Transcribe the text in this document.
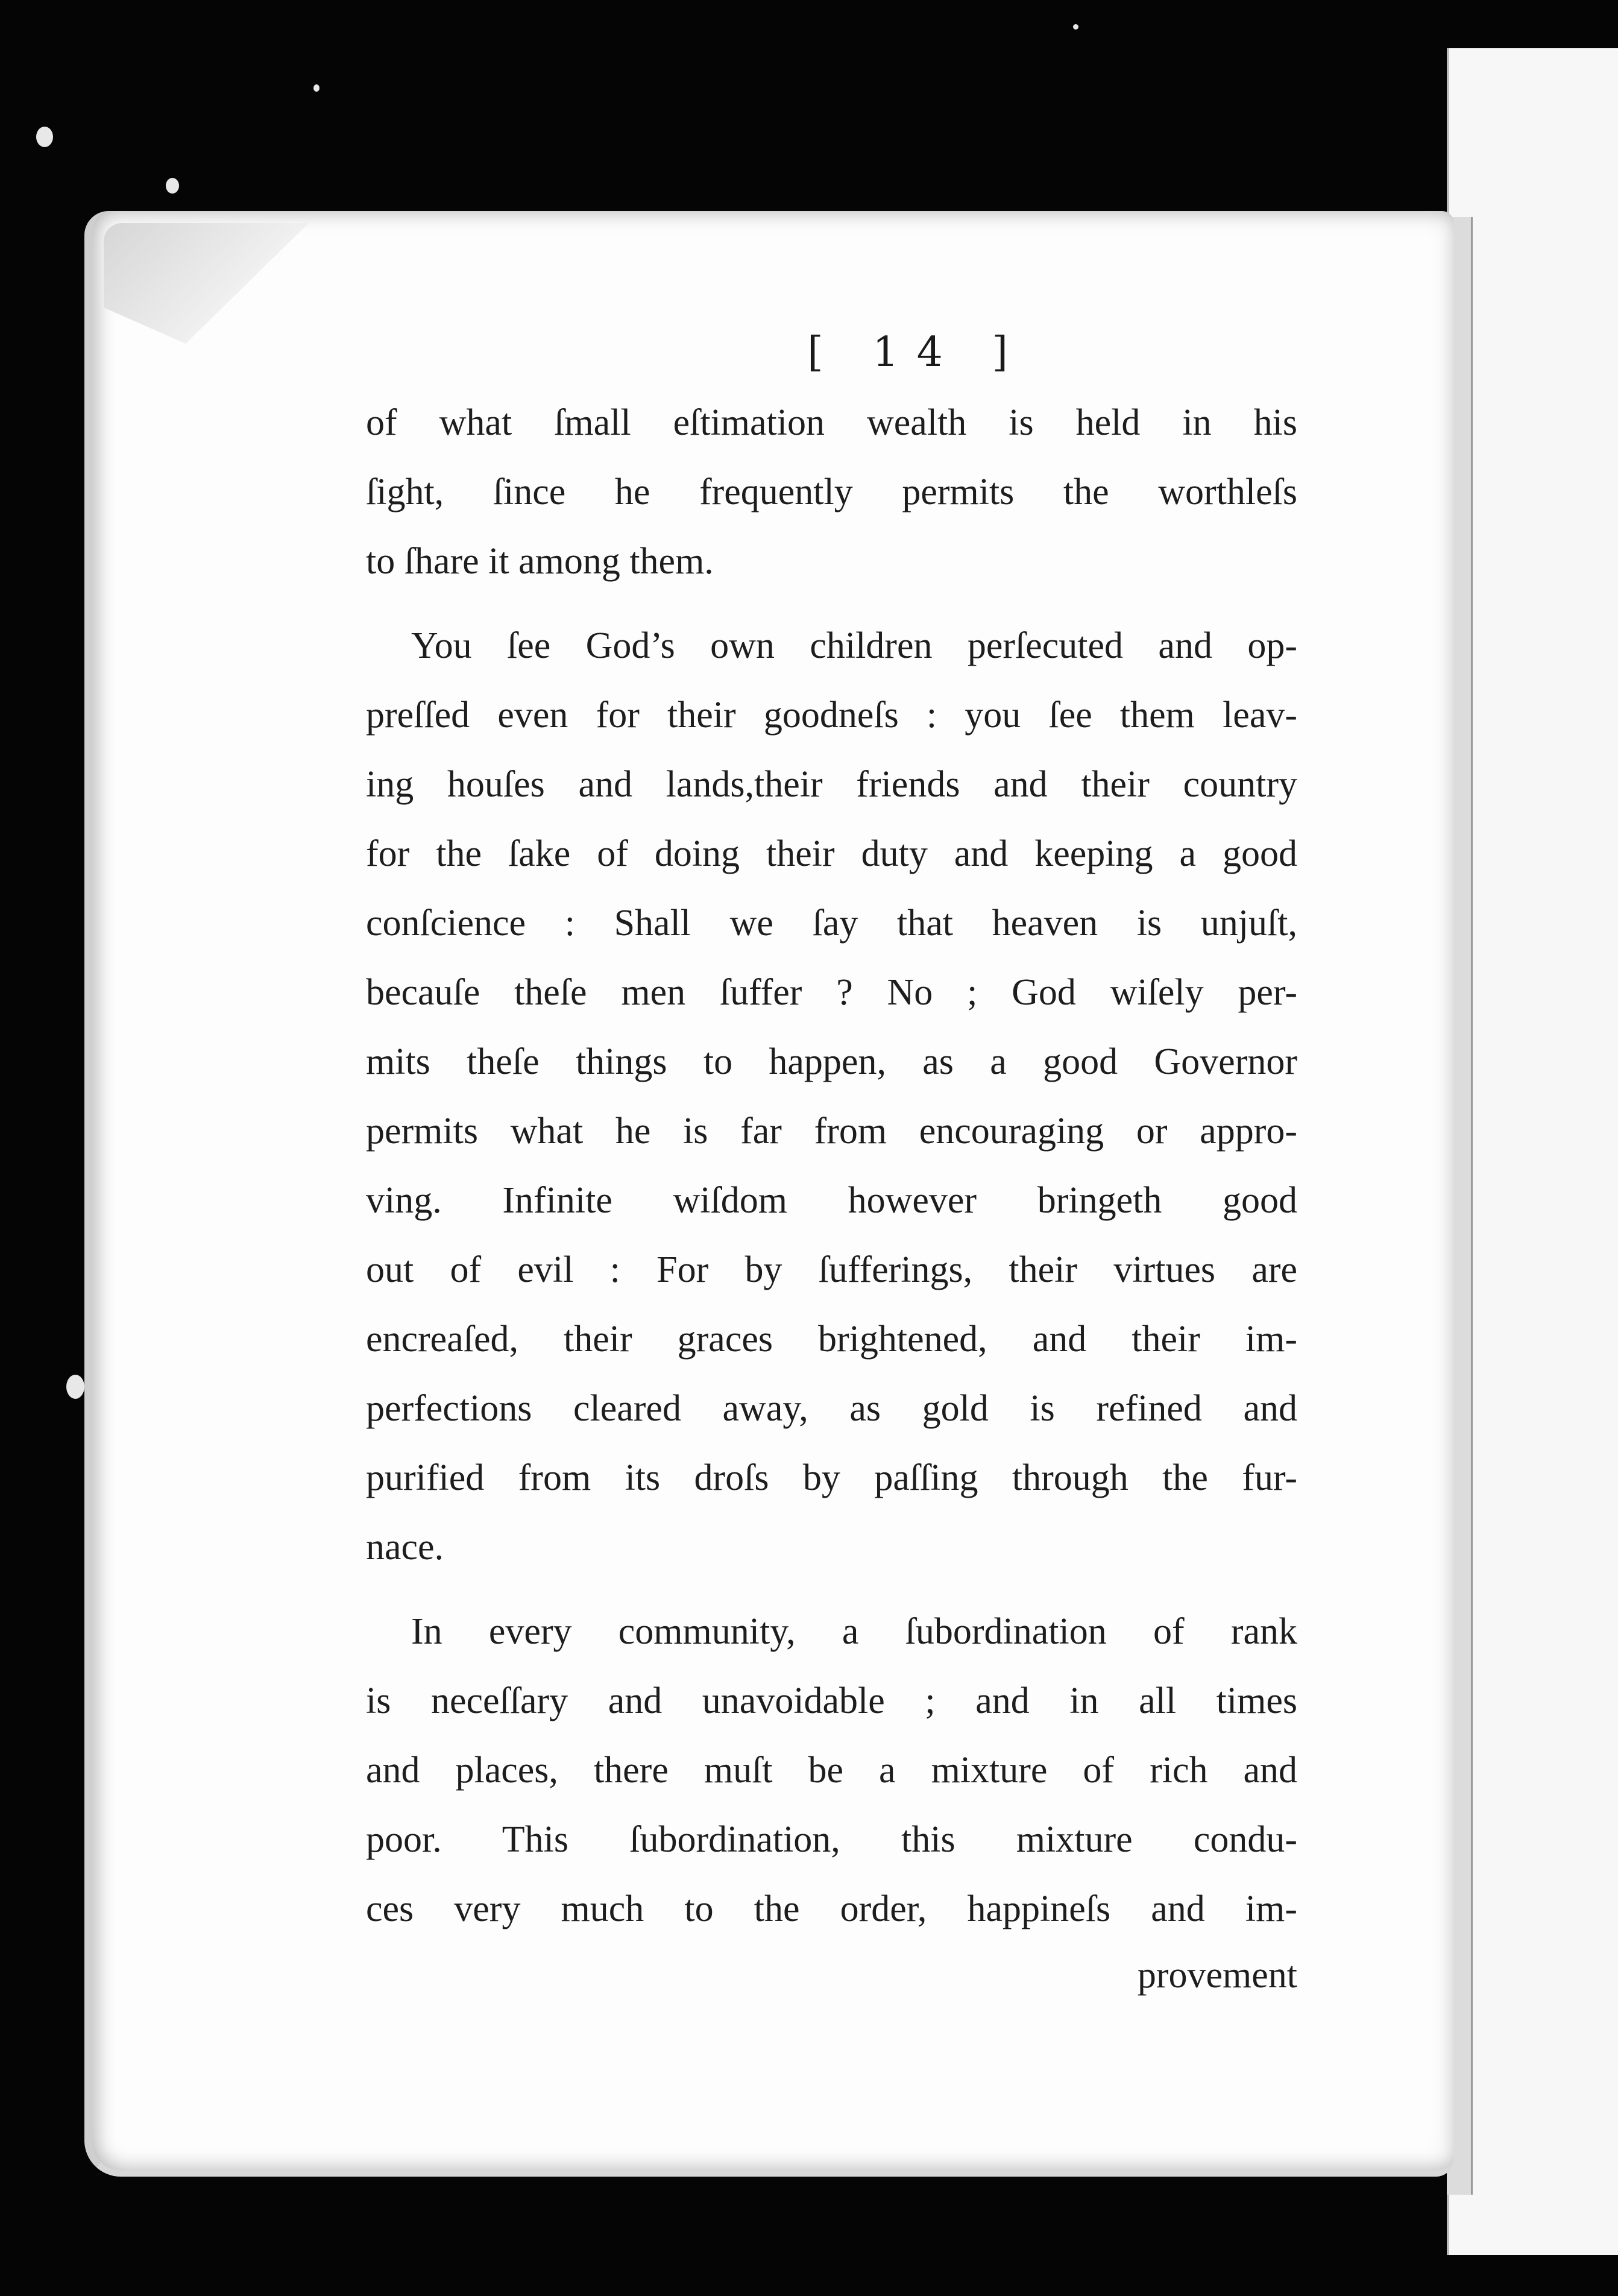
[ 14 ]
of what ſmall eſtimation wealth is held in his
ſight, ſince he frequently permits the worthleſs
to ſhare it among them.
You ſee God’s own children perſecuted and op-
preſſed even for their goodneſs : you ſee them leav-
ing houſes and lands,their friends and their country
for the ſake of doing their duty and keeping a good
conſcience : Shall we ſay that heaven is unjuſt,
becauſe theſe men ſuffer ? No ; God wiſely per-
mits theſe things to happen, as a good Governor
permits what he is far from encouraging or appro-
ving. Infinite wiſdom however bringeth good
out of evil : For by ſufferings, their virtues are
encreaſed, their graces brightened, and their im-
perfections cleared away, as gold is refined and
purified from its droſs by paſſing through the fur-
nace.
In every community, a ſubordination of rank
is neceſſary and unavoidable ; and in all times
and places, there muſt be a mixture of rich and
poor. This ſubordination, this mixture condu-
ces very much to the order, happineſs and im-
provement
